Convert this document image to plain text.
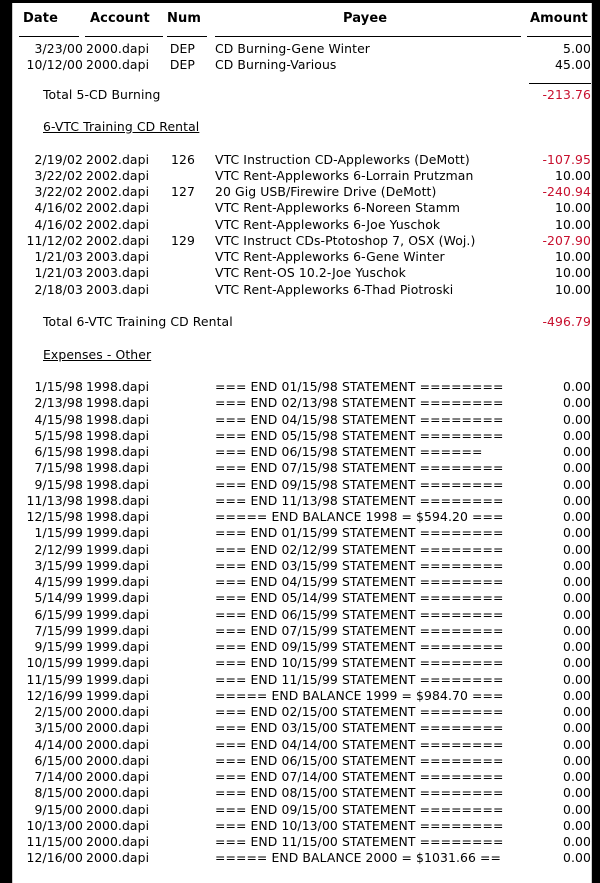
Date Account Num	Payee	Amount
3/23/00 2000.dapi DEP CD Burning-Gene Winter	5.00
10/12/00 2000.dapi DEP CD Burning-Various	45.00
Total 5-CD Burning	-213.76
6-VTC Training CD Rental
2/19/02 2002.dapi 126 VTC Instruction CD-Appleworks (DeMott)	-107.95
3/22/02 2002.dapi	VTC Rent-Appleworks 6-Lorrain Prutzman	10.00
3/22/02 2002.dapi 127 20 Gig USB/Firewire Drive (DeMott)	-240.94
4/16/02 2002.dapi	VTC Rent-Appleworks 6-Noreen Stamm	10.00
4/16/02 2002.dapi	VTC Rent-Appleworks 6-Joe Yuschok	10.00
11/12/02 2002.dapi 129 VTC Instruct CDs-Ptotoshop 7, OSX (Woj.)	-207.90
1/21/03 2003.dapi	VTC Rent-Appleworks 6-Gene Winter	10.00
1/21/03 2003.dapi	VTC Rent-OS 10.2-Joe Yuschok	10.00
2/18/03 2003.dapi	VTC Rent-Appleworks 6-Thad Piotroski	10.00
Total 6-VTC Training CD Rental	-496.79
Expenses - Other
1/15/98 1998.dapi	=== END 01/15/98 STATEMENT ========	0.00
2/13/98 1998.dapi	=== END 02/13/98 STATEMENT ========	0.00
4/15/98 1998.dapi	=== END 04/15/98 STATEMENT ========	0.00
5/15/98 1998.dapi	=== END 05/15/98 STATEMENT ========	0.00
6/15/98 1998.dapi	=== END 06/15/98 STATEMENT ======	0.00
7/15/98 1998.dapi	=== END 07/15/98 STATEMENT ========	0.00
9/15/98 1998.dapi	=== END 09/15/98 STATEMENT ========	0.00
11/13/98 1998.dapi	=== END 11/13/98 STATEMENT ========	0.00
12/15/98 1998.dapi	===== END BALANCE 1998 = $594.20 ===	0.00
1/15/99 1999.dapi	=== END 01/15/99 STATEMENT ========	0.00
2/12/99 1999.dapi	=== END 02/12/99 STATEMENT ========	0.00
3/15/99 1999.dapi	=== END 03/15/99 STATEMENT ========	0.00
4/15/99 1999.dapi	=== END 04/15/99 STATEMENT ========	0.00
5/14/99 1999.dapi	=== END 05/14/99 STATEMENT ========	0.00
6/15/99 1999.dapi	=== END 06/15/99 STATEMENT ========	0.00
7/15/99 1999.dapi	=== END 07/15/99 STATEMENT ========	0.00
9/15/99 1999.dapi	=== END 09/15/99 STATEMENT ========	0.00
10/15/99 1999.dapi	=== END 10/15/99 STATEMENT ========	0.00
11/15/99 1999.dapi	=== END 11/15/99 STATEMENT ========	0.00
12/16/99 1999.dapi	===== END BALANCE 1999 = $984.70 ===	0.00
2/15/00 2000.dapi	=== END 02/15/00 STATEMENT ========	0.00
3/15/00 2000.dapi	=== END 03/15/00 STATEMENT ========	0.00
4/14/00 2000.dapi	=== END 04/14/00 STATEMENT ========	0.00
6/15/00 2000.dapi	=== END 06/15/00 STATEMENT ========	0.00
7/14/00 2000.dapi	=== END 07/14/00 STATEMENT ========	0.00
8/15/00 2000.dapi	=== END 08/15/00 STATEMENT ========	0.00
9/15/00 2000.dapi	=== END 09/15/00 STATEMENT ========	0.00
10/13/00 2000.dapi	=== END 10/13/00 STATEMENT ========	0.00
11/15/00 2000.dapi	=== END 11/15/00 STATEMENT ========	0.00
12/16/00 2000.dapi	===== END BALANCE 2000 = $1031.66 ==	0.00
